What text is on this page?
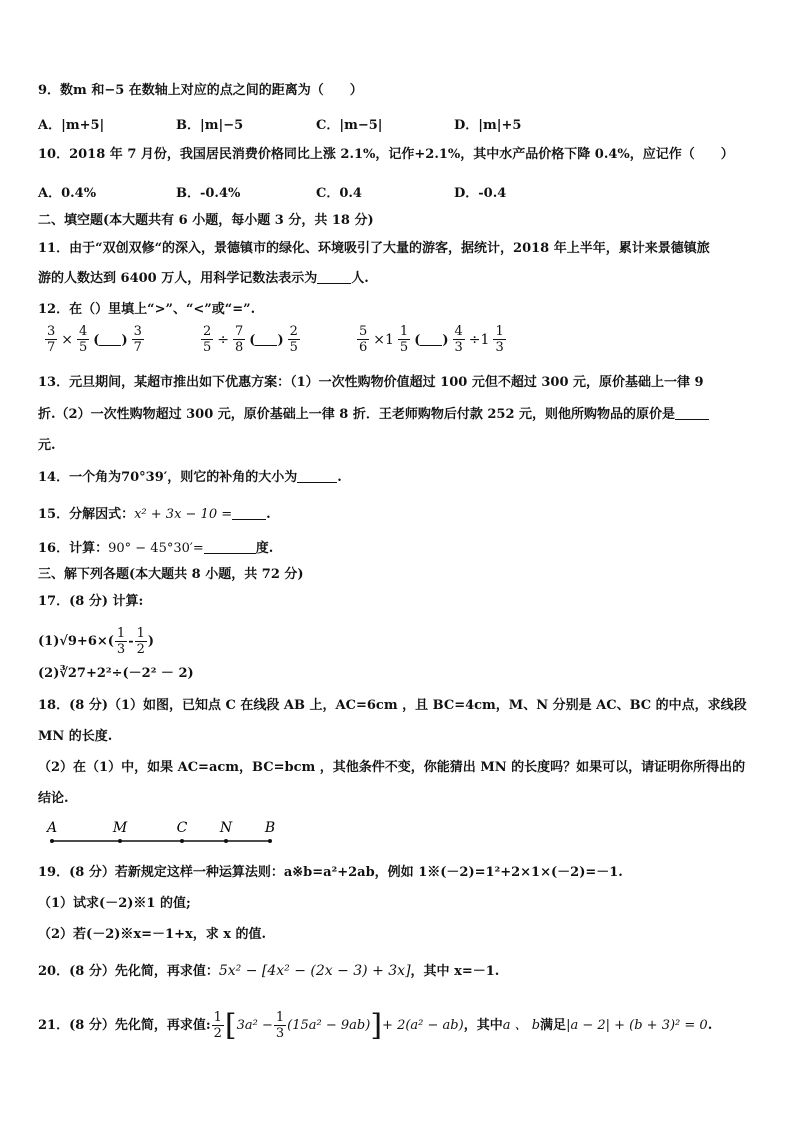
9．数m 和−5 在数轴上对应的点之间的距离为（　　）
A．|m+5|	B．|m|−5	C．|m−5|	D．|m|+5
10．2018 年 7 月份，我国居民消费价格同比上涨 2.1%，记作+2.1%，其中水产品价格下降 0.4%，应记作（　　）
A．0.4%	B．-0.4%	C．0.4	D．-0.4
二、填空题(本大题共有 6 小题，每小题 3 分，共 18 分)
11．由于“双创双修“的深入，景德镇市的绿化、环境吸引了大量的游客，据统计，2018 年上半年，累计来景德镇旅
游的人数达到 6400 万人，用科学记数法表示为	人.
12．在（）里填上“>”、“<”或“=”.
$\frac{3}{7} \times \frac{4}{5}$ ( ) $\frac{3}{7}$	$\frac{2}{5} \div \frac{7}{8}$ ( ) $\frac{2}{5}$	$\frac{5}{6} \times 1 \frac{1}{5}$ ( ) $\frac{4}{3} \div 1 \frac{1}{3}$
13．元旦期间，某超市推出如下优惠方案：（1）一次性购物价值超过 100 元但不超过 300 元，原价基础上一律 9
折.（2）一次性购物超过 300 元，原价基础上一律 8 折．王老师购物后付款 252 元，则他所购物品的原价是
元.
14．一个角为70°39′，则它的补角的大小为	.
15．分解因式：x² + 3x − 10 =	.
16．计算：90° − 45°30′=	度.
三、解下列各题(本大题共 8 小题，共 72 分)
17．(8 分) 计算:
$(1)√9+6\times( \frac{1}{3} - \frac{1}{2}$ )
(2)∛27+2²÷(－2² － 2)
18．(8 分)（1）如图，已知点 C 在线段 AB 上，AC=6cm ，且 BC=4cm，M、N 分别是 AC、BC 的中点，求线段
MN 的长度.
（2）在（1）中，如果 AC=acm，BC=bcm ，其他条件不变，你能猜出 MN 的长度吗？如果可以，请证明你所得出的
结论.
A	M	C N B
19．(8 分）若新规定这样一种运算法则：a※b=a²+2ab，例如 1※(－2)=1²+2×1×(－2)=－1.
（1）试求(－2)※1 的值;
（2）若(－2)※x=－1+x，求 x 的值.
20．(8 分）先化简，再求值：5x² − [4x² − (2x − 3) + 3x]，其中 x=－1.
21．(8 分）先化简，再求值: $\frac{1}{2}$ [ $3a^2 - \frac{1}{3} (15a^2 - 9ab)$ ] + 2(a² − ab) ，其中 a 、 b 满足 |a − 2| + (b + 3)² = 0 .
